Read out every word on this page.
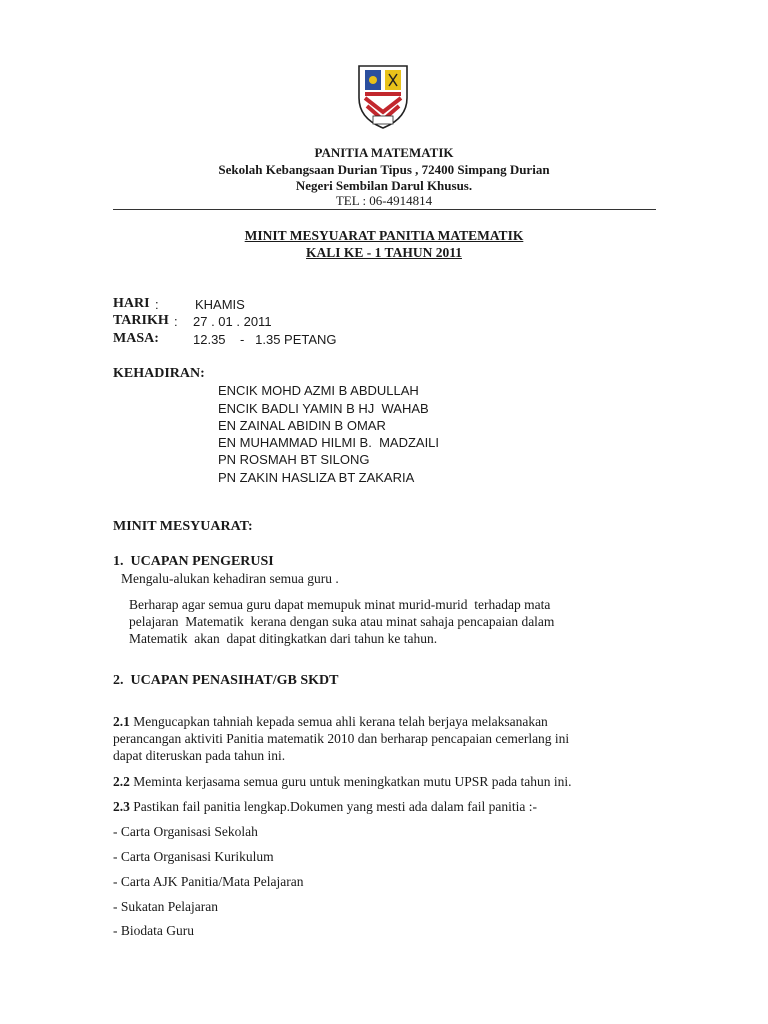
PANITIA MATEMATIK
Sekolah Kebangsaan Durian Tipus , 72400 Simpang Durian
Negeri Sembilan Darul Khusus.
TEL : 06-4914814
MINIT MESYUARAT PANITIA MATEMATIK
KALI KE - 1 TAHUN 2011
HARI :	KHAMIS
TARIKH : 27 . 01 . 2011
MASA:	12.35    -   1.35 PETANG
KEHADIRAN:
ENCIK MOHD AZMI B ABDULLAH
ENCIK BADLI YAMIN B HJ  WAHAB
EN ZAINAL ABIDIN B OMAR
EN MUHAMMAD HILMI B.  MADZAILI
PN ROSMAH BT SILONG
PN ZAKIN HASLIZA BT ZAKARIA
MINIT MESYUARAT:
1.  UCAPAN PENGERUSI
Mengalu-alukan kehadiran semua guru .
Berharap agar semua guru dapat memupuk minat murid-murid  terhadap mata
pelajaran  Matematik  kerana dengan suka atau minat sahaja pencapaian dalam
Matematik  akan  dapat ditingkatkan dari tahun ke tahun.
2.  UCAPAN PENASIHAT/GB SKDT
2.1 Mengucapkan tahniah kepada semua ahli kerana telah berjaya melaksanakan
perancangan aktiviti Panitia matematik 2010 dan berharap pencapaian cemerlang ini
dapat diteruskan pada tahun ini.
2.2 Meminta kerjasama semua guru untuk meningkatkan mutu UPSR pada tahun ini.
2.3 Pastikan fail panitia lengkap.Dokumen yang mesti ada dalam fail panitia :-
- Carta Organisasi Sekolah
- Carta Organisasi Kurikulum
- Carta AJK Panitia/Mata Pelajaran
- Sukatan Pelajaran
- Biodata Guru
